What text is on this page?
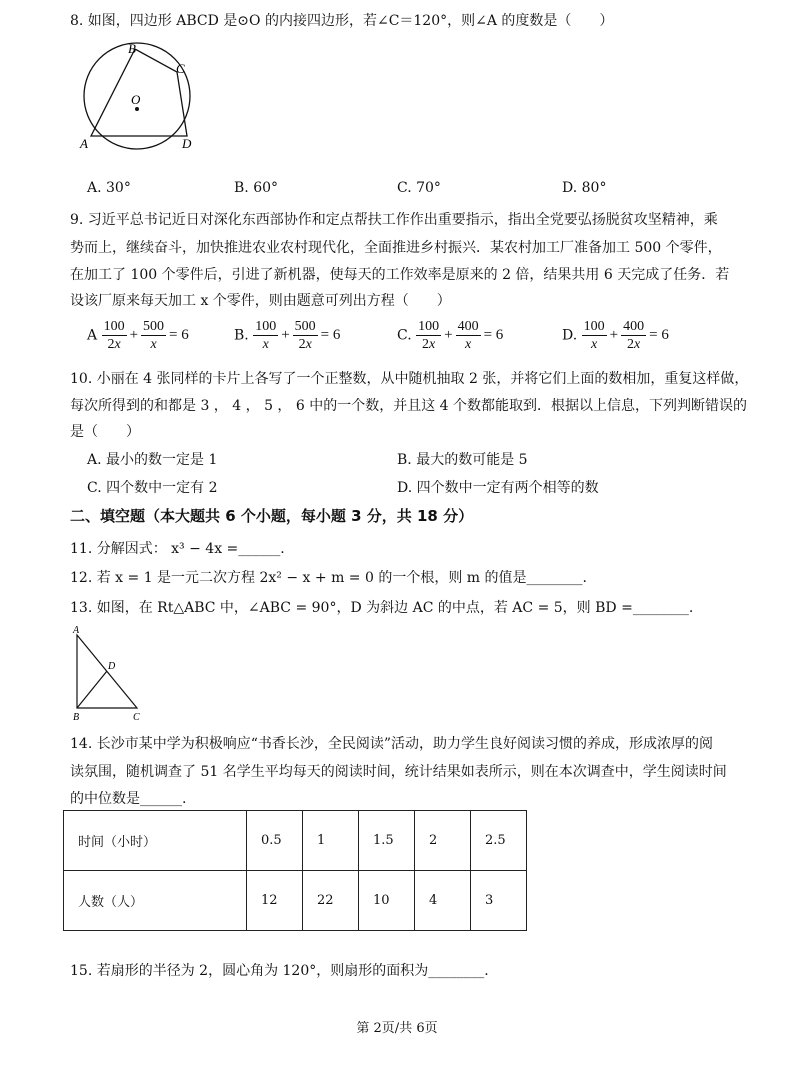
8. 如图，四边形 ABCD 是⊙O 的内接四边形，若∠C＝120°，则∠A 的度数是（　　）
B
C
O
A	D
A. 30°	B. 60°	C. 70°	D. 80°
9. 习近平总书记近日对深化东西部协作和定点帮扶工作作出重要指示，指出全党要弘扬脱贫攻坚精神，乘
势而上，继续奋斗，加快推进农业农村现代化，全面推进乡村振兴．某农村加工厂准备加工 500 个零件，
在加工了 100 个零件后，引进了新机器，使每天的工作效率是原来的 2 倍，结果共用 6 天完成了任务．若
设该厂原来每天加工 x 个零件，则由题意可列出方程（　　）
A $\frac{100}{2x} + \frac{500}{x} = 6$	B. $\frac{100}{x} + \frac{500}{2x} = 6$	C. $\frac{100}{2x} + \frac{400}{x} = 6$	D. $\frac{100}{x} + \frac{400}{2x} = 6$
10. 小丽在 4 张同样的卡片上各写了一个正整数，从中随机抽取 2 张，并将它们上面的数相加，重复这样做，
每次所得到的和都是 3 ， 4 ， 5 ， 6 中的一个数，并且这 4 个数都能取到．根据以上信息，下列判断错误的
是（　　）
A. 最小的数一定是 1	B. 最大的数可能是 5
C. 四个数中一定有 2	D. 四个数中一定有两个相等的数
二、填空题（本大题共 6 个小题，每小题 3 分，共 18 分）
11. 分解因式： x³ − 4x =______.
12. 若 x = 1 是一元二次方程 2x² − x + m = 0 的一个根，则 m 的值是________.
13. 如图，在 Rt△ABC 中，∠ABC = 90°，D 为斜边 AC 的中点，若 AC = 5，则 BD =________.
A
D
B	C
14. 长沙市某中学为积极响应“书香长沙，全民阅读”活动，助力学生良好阅读习惯的养成，形成浓厚的阅
读氛围，随机调查了 51 名学生平均每天的阅读时间，统计结果如表所示，则在本次调查中，学生阅读时间
的中位数是______.
时间（小时）	0.5	1	1.5	2	2.5
人数（人）	12	22	10	4	3
15. 若扇形的半径为 2，圆心角为 120°，则扇形的面积为________.
第 2页/共 6页
